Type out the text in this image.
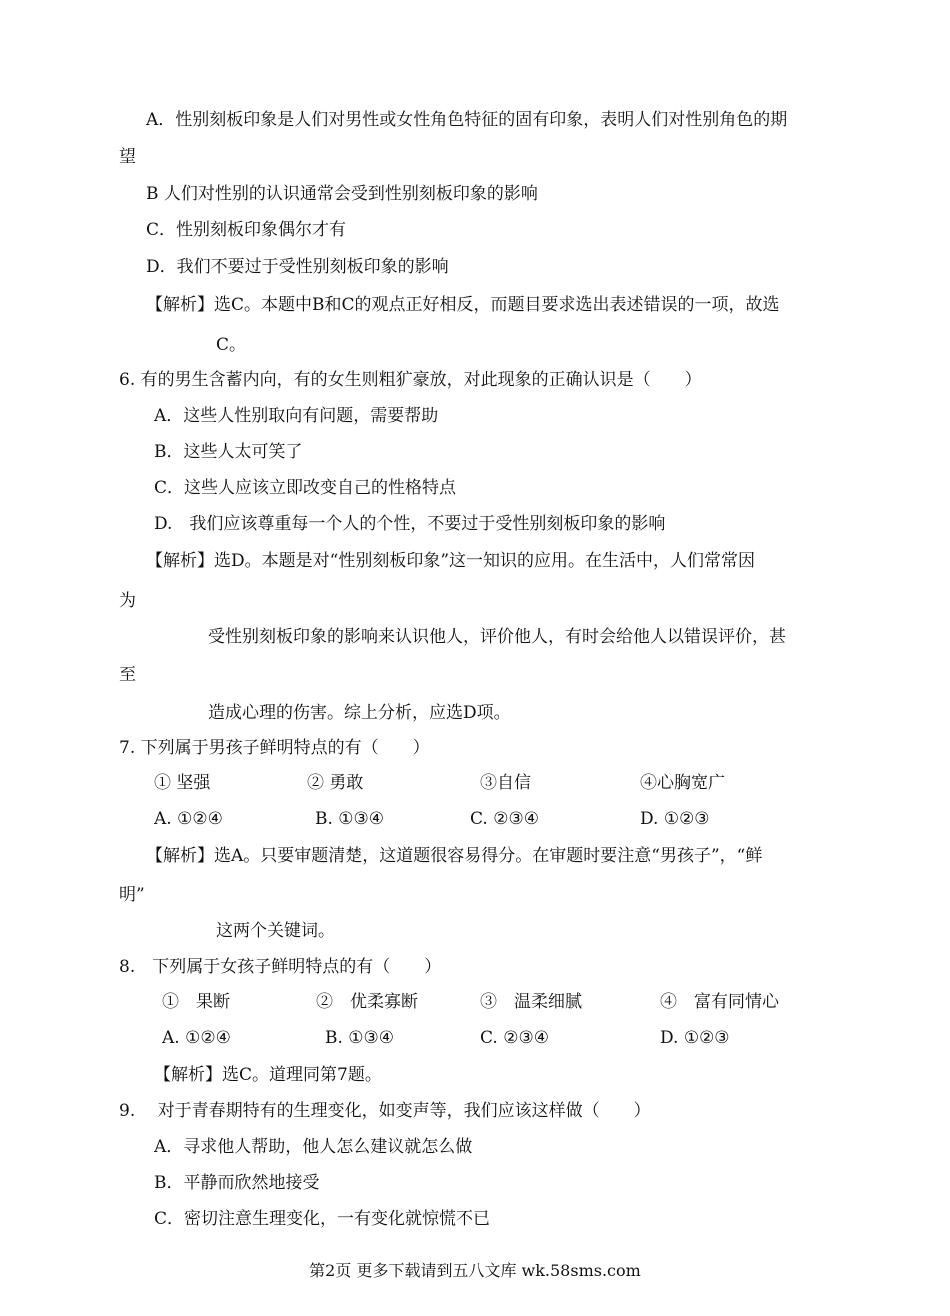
A．性别刻板印象是人们对男性或女性角色特征的固有印象，表明人们对性别角色的期
望
B 人们对性别的认识通常会受到性别刻板印象的影响
C．性别刻板印象偶尔才有
D．我们不要过于受性别刻板印象的影响
【解析】选C。本题中B和C的观点正好相反，而题目要求选出表述错误的一项，故选
C。
6. 有的男生含蓄内向，有的女生则粗犷豪放，对此现象的正确认识是（　　）
A．这些人性别取向有问题，需要帮助
B．这些人太可笑了
C．这些人应该立即改变自己的性格特点
D.　我们应该尊重每一个人的个性，不要过于受性别刻板印象的影响
【解析】选D。本题是对“性别刻板印象”这一知识的应用。在生活中，人们常常因
为
受性别刻板印象的影响来认识他人，评价他人，有时会给他人以错误评价，甚
至
造成心理的伤害。综上分析，应选D项。
7. 下列属于男孩子鲜明特点的有（　　）
① 坚强	② 勇敢	③自信	④心胸宽广
A. ①②④	B. ①③④	C. ②③④	D. ①②③
【解析】选A。只要审题清楚，这道题很容易得分。在审题时要注意“男孩子”，“鲜
明”
这两个关键词。
8.　下列属于女孩子鲜明特点的有（　　）
①　果断	②　优柔寡断	③　温柔细腻	④　富有同情心
A. ①②④	B. ①③④	C. ②③④	D. ①②③
【解析】选C。道理同第7题。
9.　 对于青春期特有的生理变化，如变声等，我们应该这样做（　　）
A．寻求他人帮助，他人怎么建议就怎么做
B．平静而欣然地接受
C．密切注意生理变化，一有变化就惊慌不已
第2页 更多下载请到五八文库 wk.58sms.com
